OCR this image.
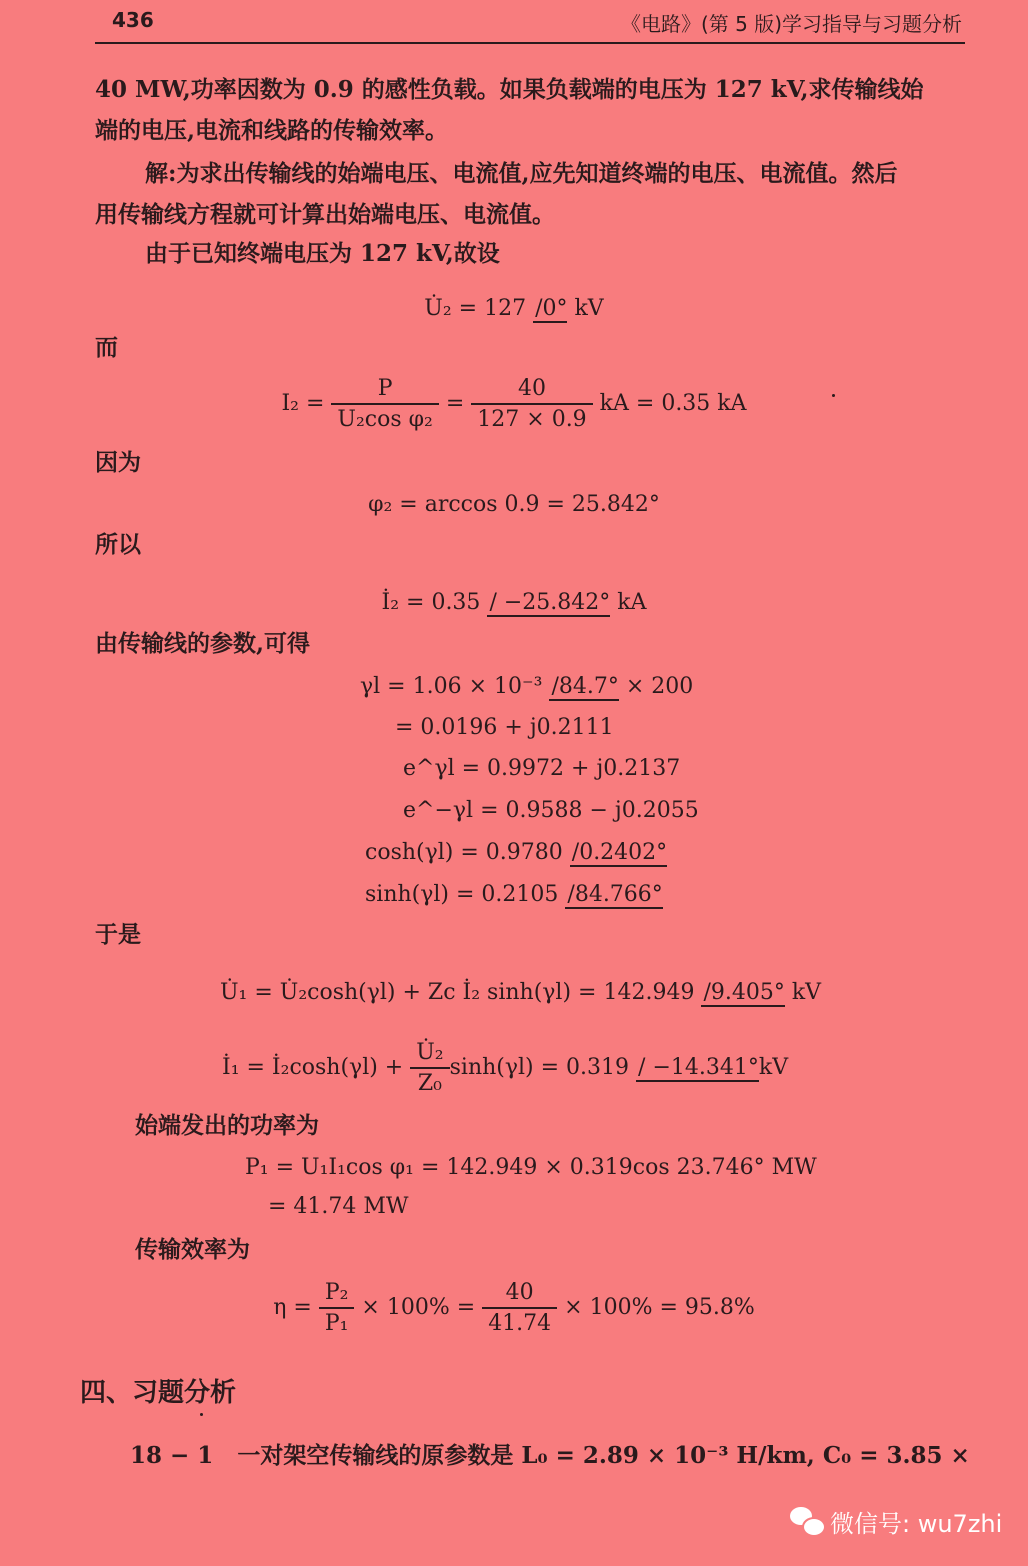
436	《电路》(第 5 版)学习指导与习题分析
40 MW,功率因数为 0.9 的感性负载。如果负载端的电压为 127 kV,求传输线始
端的电压,电流和线路的传输效率。
解:为求出传输线的始端电压、电流值,应先知道终端的电压、电流值。然后
用传输线方程就可计算出始端电压、电流值。
由于已知终端电压为 127 kV,故设
U̇₂ = 127 /0° kV
而
$I_2 = \frac{P}{\text{U₂cos φ₂}} = \frac{40}{127 \times 0.9}$ kA = 0.35 kA
因为
φ₂ = arccos 0.9 = 25.842°
所以
İ₂ = 0.35 / −25.842° kA
由传输线的参数,可得
γl = 1.06 × 10⁻³ /84.7° × 200
= 0.0196 + j0.2111
e^γl = 0.9972 + j0.2137
e^−γl = 0.9588 − j0.2055
cosh(γl) = 0.9780 /0.2402°
sinh(γl) = 0.2105 /84.766°
于是
U̇₁ = U̇₂cosh(γl) + Zc İ₂ sinh(γl) = 142.949 /9.405° kV
İ₁ = İ₂cosh(γl) + $\frac{\text{U̇₂}}{\text{Z₀}} \sinh(\gamma l) = 0.319 / -14.341^\circ kV$
始端发出的功率为
P₁ = U₁I₁cos φ₁ = 142.949 × 0.319cos 23.746° MW
= 41.74 MW
传输效率为
$\eta = \frac{\text{P₂}}{\text{P₁}} \times 100\% = \frac{40}{41.74} \times 100\% = 95.8\%$
四、习题分析
18 − 1 一对架空传输线的原参数是 L₀ = 2.89 × 10⁻³ H/km, C₀ = 3.85 ×
微信号: wu7zhi
